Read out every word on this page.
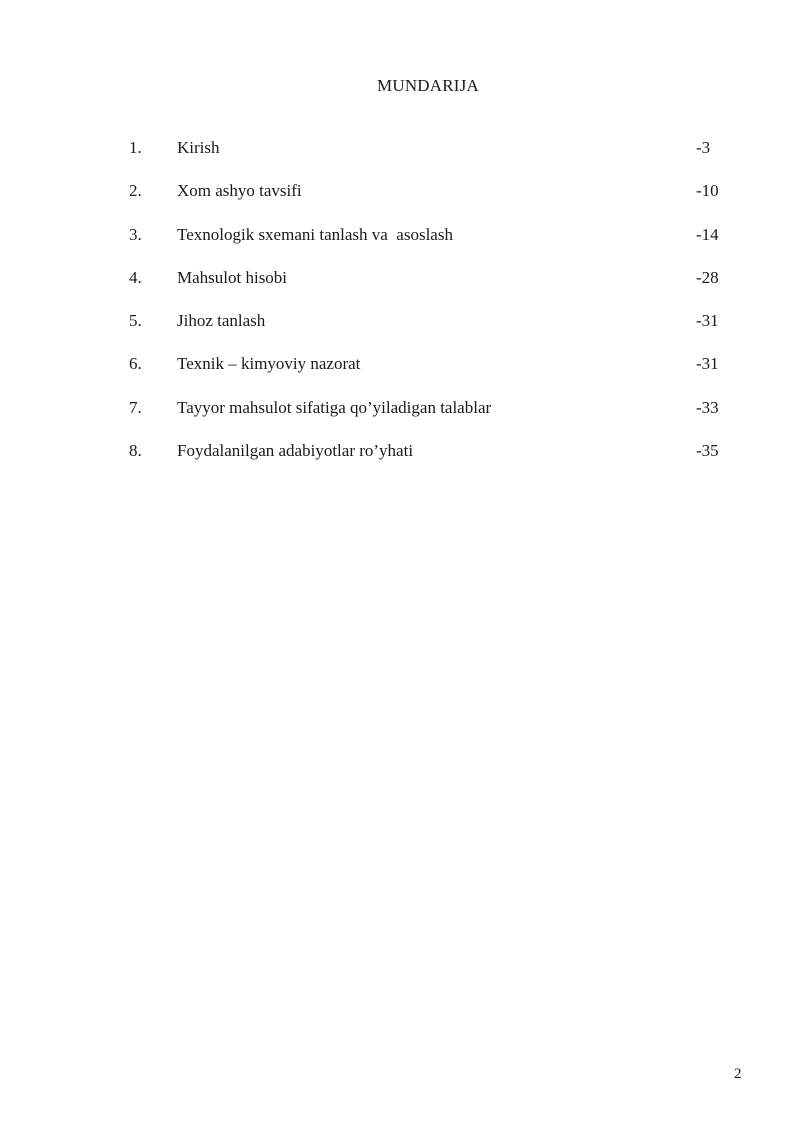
MUNDARIJA
1. Kirish	-3
2. Xom ashyo tavsifi	-10
3. Texnologik sxemani tanlash va  asoslash	-14
4. Mahsulot hisobi	-28
5. Jihoz tanlash	-31
6. Texnik – kimyoviy nazorat	-31
7. Tayyor mahsulot sifatiga qo’yiladigan talablar	-33
8. Foydalanilgan adabiyotlar ro’yhati	-35
2
